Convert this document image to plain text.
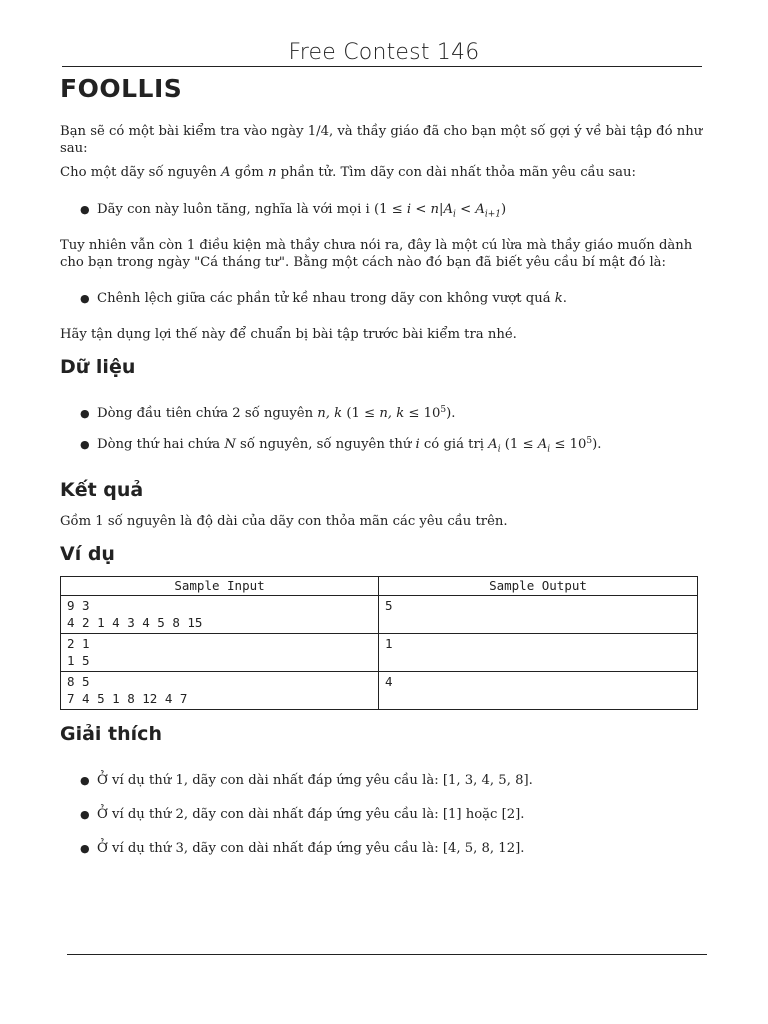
Free Contest 146
FOOLLIS
Bạn sẽ có một bài kiểm tra vào ngày 1/4, và thầy giáo đã cho bạn một số gợi ý về bài tập đó như sau:
Cho một dãy số nguyên A gồm n phần tử. Tìm dãy con dài nhất thỏa mãn yêu cầu sau:
● Dãy con này luôn tăng, nghĩa là với mọi i $(1 \le i < n|A_i < A_{i+1})$
Tuy nhiên vẫn còn 1 điều kiện mà thầy chưa nói ra, đây là một cú lừa mà thầy giáo muốn dành cho bạn trong ngày "Cá tháng tư". Bằng một cách nào đó bạn đã biết yêu cầu bí mật đó là:
● Chênh lệch giữa các phần tử kề nhau trong dãy con không vượt quá k.
Hãy tận dụng lợi thế này để chuẩn bị bài tập trước bài kiểm tra nhé.
Dữ liệu
● Dòng đầu tiên chứa 2 số nguyên n, k (1 ≤ n, $k \le 10^5$).
● Dòng thứ hai chứa N số nguyên, số nguyên thứ i có giá trị $A_i$ $(1 \le A_i \le 10^5)$.
Kết quả
Gồm 1 số nguyên là độ dài của dãy con thỏa mãn các yêu cầu trên.
Ví dụ
Sample Input	Sample Output
9 3
4 2 1 4 3 4 5 8 15	5
2 1
1 5	1
8 5
7 4 5 1 8 12 4 7	4
Giải thích
● Ở ví dụ thứ 1, dãy con dài nhất đáp ứng yêu cầu là: [1, 3, 4, 5, 8].
● Ở ví dụ thứ 2, dãy con dài nhất đáp ứng yêu cầu là: [1] hoặc [2].
● Ở ví dụ thứ 3, dãy con dài nhất đáp ứng yêu cầu là: [4, 5, 8, 12].
